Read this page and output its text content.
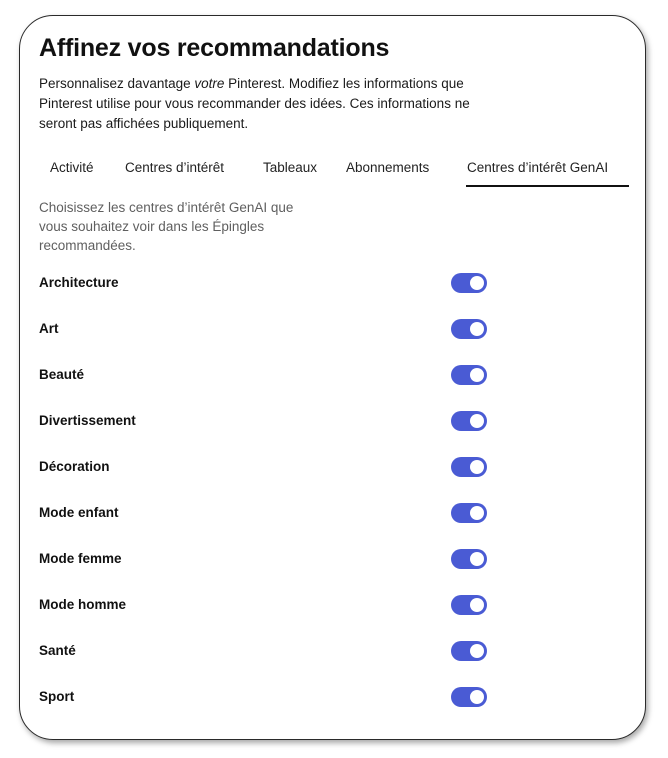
Affinez vos recommandations

Personnalisez davantage votre Pinterest. Modifiez les informations que Pinterest utilise pour vous recommander des idées. Ces informations ne seront pas affichées publiquement.

Activité Centres d’intérêt	Tableaux Abonnements	Centres d’intérêt GenAI

Choisissez les centres d’intérêt GenAI que vous souhaitez voir dans les Épingles recommandées.

Architecture
Art
Beauté
Divertissement
Décoration
Mode enfant
Mode femme
Mode homme
Santé
Sport
